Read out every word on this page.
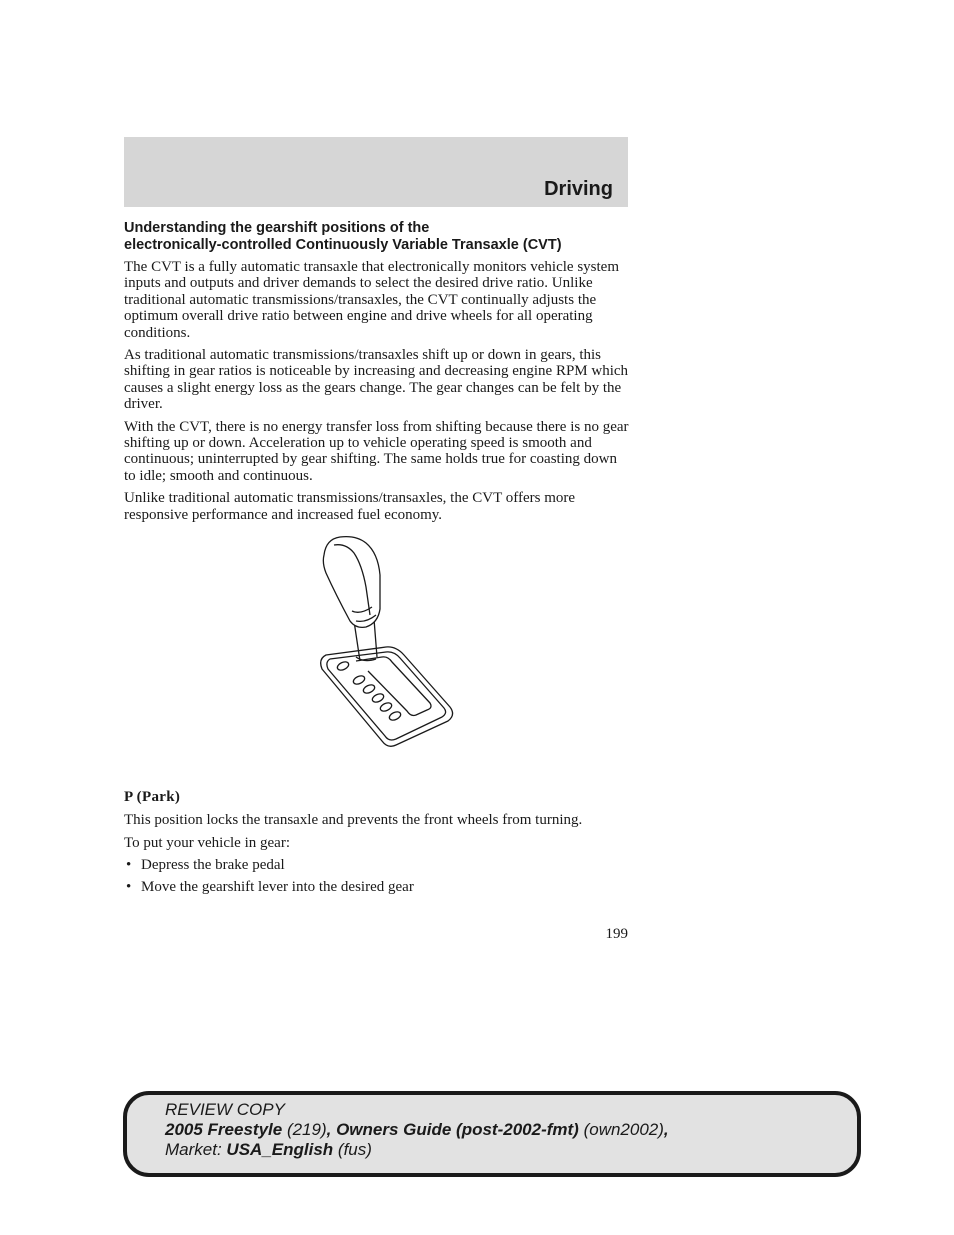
Driving
Understanding the gearshift positions of the
electronically-controlled Continuously Variable Transaxle (CVT)

The CVT is a fully automatic transaxle that electronically monitors vehicle system inputs and outputs and driver demands to select the desired drive ratio. Unlike traditional automatic transmissions/transaxles, the CVT continually adjusts the optimum overall drive ratio between engine and drive wheels for all operating conditions.

As traditional automatic transmissions/transaxles shift up or down in gears, this shifting in gear ratios is noticeable by increasing and decreasing engine RPM which causes a slight energy loss as the gears change. The gear changes can be felt by the driver.

With the CVT, there is no energy transfer loss from shifting because there is no gear shifting up or down. Acceleration up to vehicle operating speed is smooth and continuous; uninterrupted by gear shifting. The same holds true for coasting down to idle; smooth and continuous.

Unlike traditional automatic transmissions/transaxles, the CVT offers more responsive performance and increased fuel economy.

P (Park)

This position locks the transaxle and prevents the front wheels from turning.

To put your vehicle in gear:

• Depress the brake pedal
• Move the gearshift lever into the desired gear
199
REVIEW COPY
2005 Freestyle (219), Owners Guide (post-2002-fmt) (own2002),
Market: USA_English (fus)
